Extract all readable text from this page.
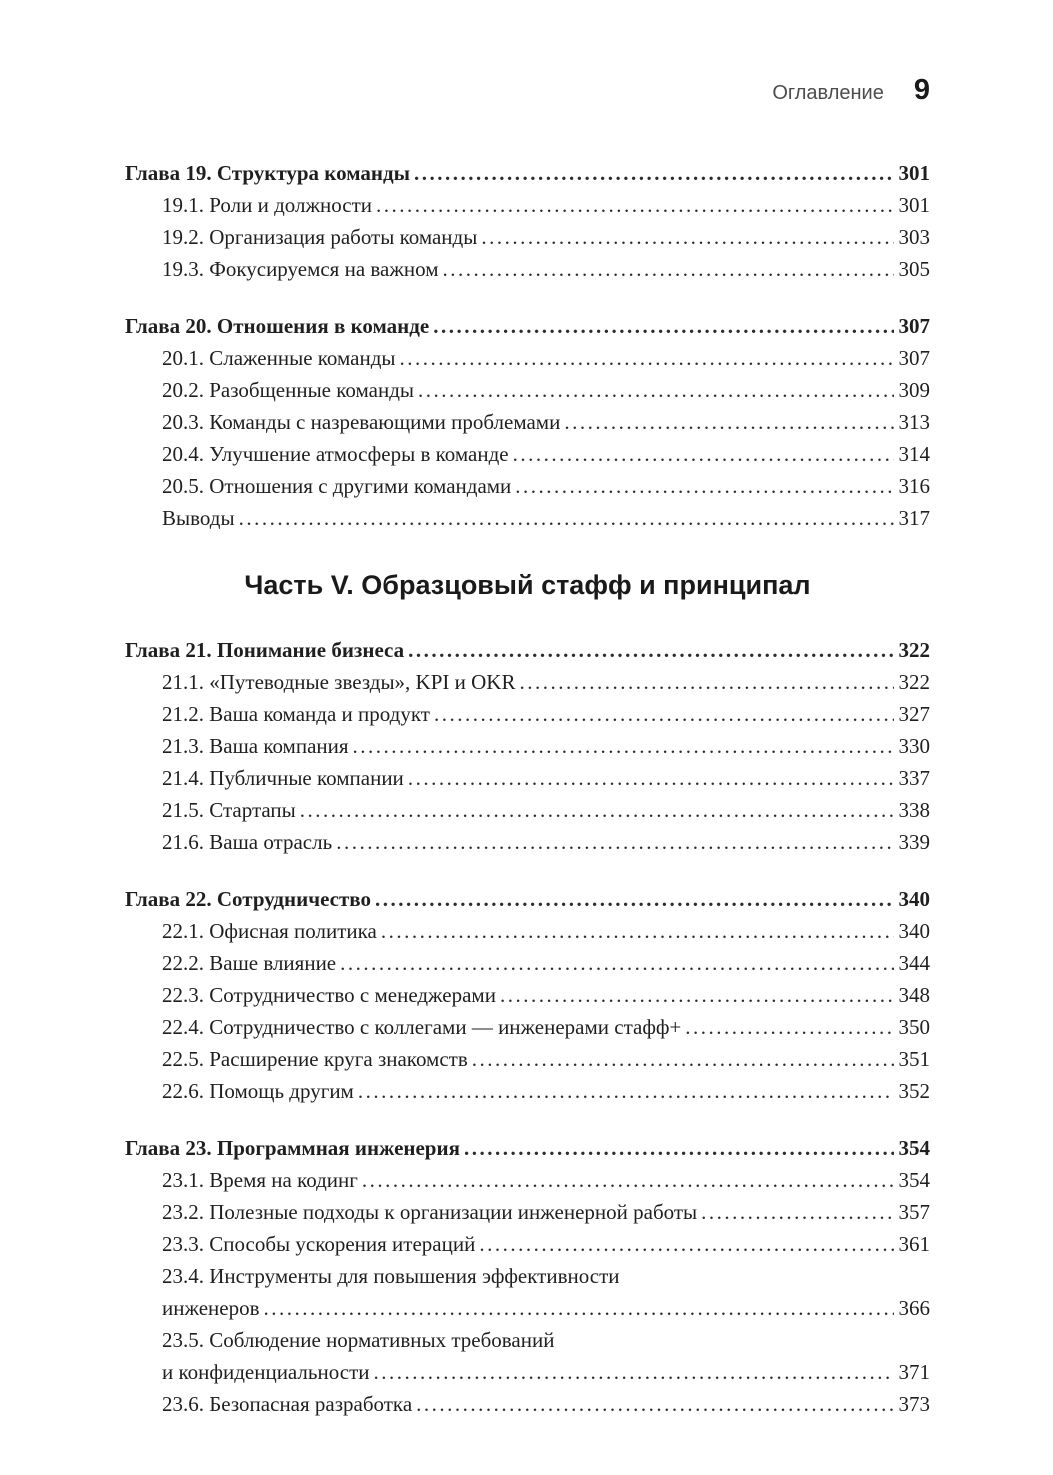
Оглавление 9
Глава 19. Структура команды .....	301
19.1. Роли и должности .....	301
19.2. Организация работы команды .....	303
19.3. Фокусируемся на важном .....	305
Глава 20. Отношения в команде .....	307
20.1. Слаженные команды .....	307
20.2. Разобщенные команды .....	309
20.3. Команды с назревающими проблемами .....	313
20.4. Улучшение атмосферы в команде .....	314
20.5. Отношения с другими командами .....	316
Выводы .....	317
Часть V. Образцовый стафф и принципал
Глава 21. Понимание бизнеса .....	322
21.1. «Путеводные звезды», KPI и OKR .....	322
21.2. Ваша команда и продукт .....	327
21.3. Ваша компания .....	330
21.4. Публичные компании .....	337
21.5. Стартапы .....	338
21.6. Ваша отрасль .....	339
Глава 22. Сотрудничество .....	340
22.1. Офисная политика .....	340
22.2. Ваше влияние .....	344
22.3. Сотрудничество с менеджерами .....	348
22.4. Сотрудничество с коллегами — инженерами стафф+ .....	350
22.5. Расширение круга знакомств .....	351
22.6. Помощь другим .....	352
Глава 23. Программная инженерия .....	354
23.1. Время на кодинг .....	354
23.2. Полезные подходы к организации инженерной работы .....	357
23.3. Способы ускорения итераций .....	361
23.4. Инструменты для повышения эффективности
инженеров .....	366
23.5. Соблюдение нормативных требований
и конфиденциальности .....	371
23.6. Безопасная разработка .....	373
